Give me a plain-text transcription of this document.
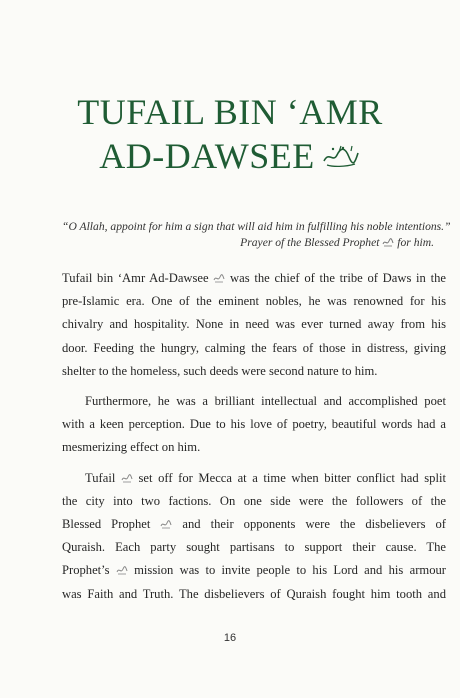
TUFAIL BIN ‘AMR
AD-DAWSEE
“O Allah, appoint for him a sign that will aid him in fulfilling his noble intentions.”
Prayer of the Blessed Prophet for him.

Tufail bin ‘Amr Ad-Dawsee was the chief of the tribe of Daws in the
pre-Islamic era. One of the eminent nobles, he was renowned for his
chivalry and hospitality. None in need was ever turned away from his
door. Feeding the hungry, calming the fears of those in distress, giving
shelter to the homeless, such deeds were second nature to him.

Furthermore, he was a brilliant intellectual and accomplished poet
with a keen perception. Due to his love of poetry, beautiful words had a
mesmerizing effect on him.

Tufail set off for Mecca at a time when bitter conflict had split
the city into two factions. On one side were the followers of the
Blessed Prophet	and their opponents were the disbelievers of
Quraish. Each party sought partisans to support their cause. The
Prophet’s mission was to invite people to his Lord and his armour
was Faith and Truth. The disbelievers of Quraish fought him tooth and

16
